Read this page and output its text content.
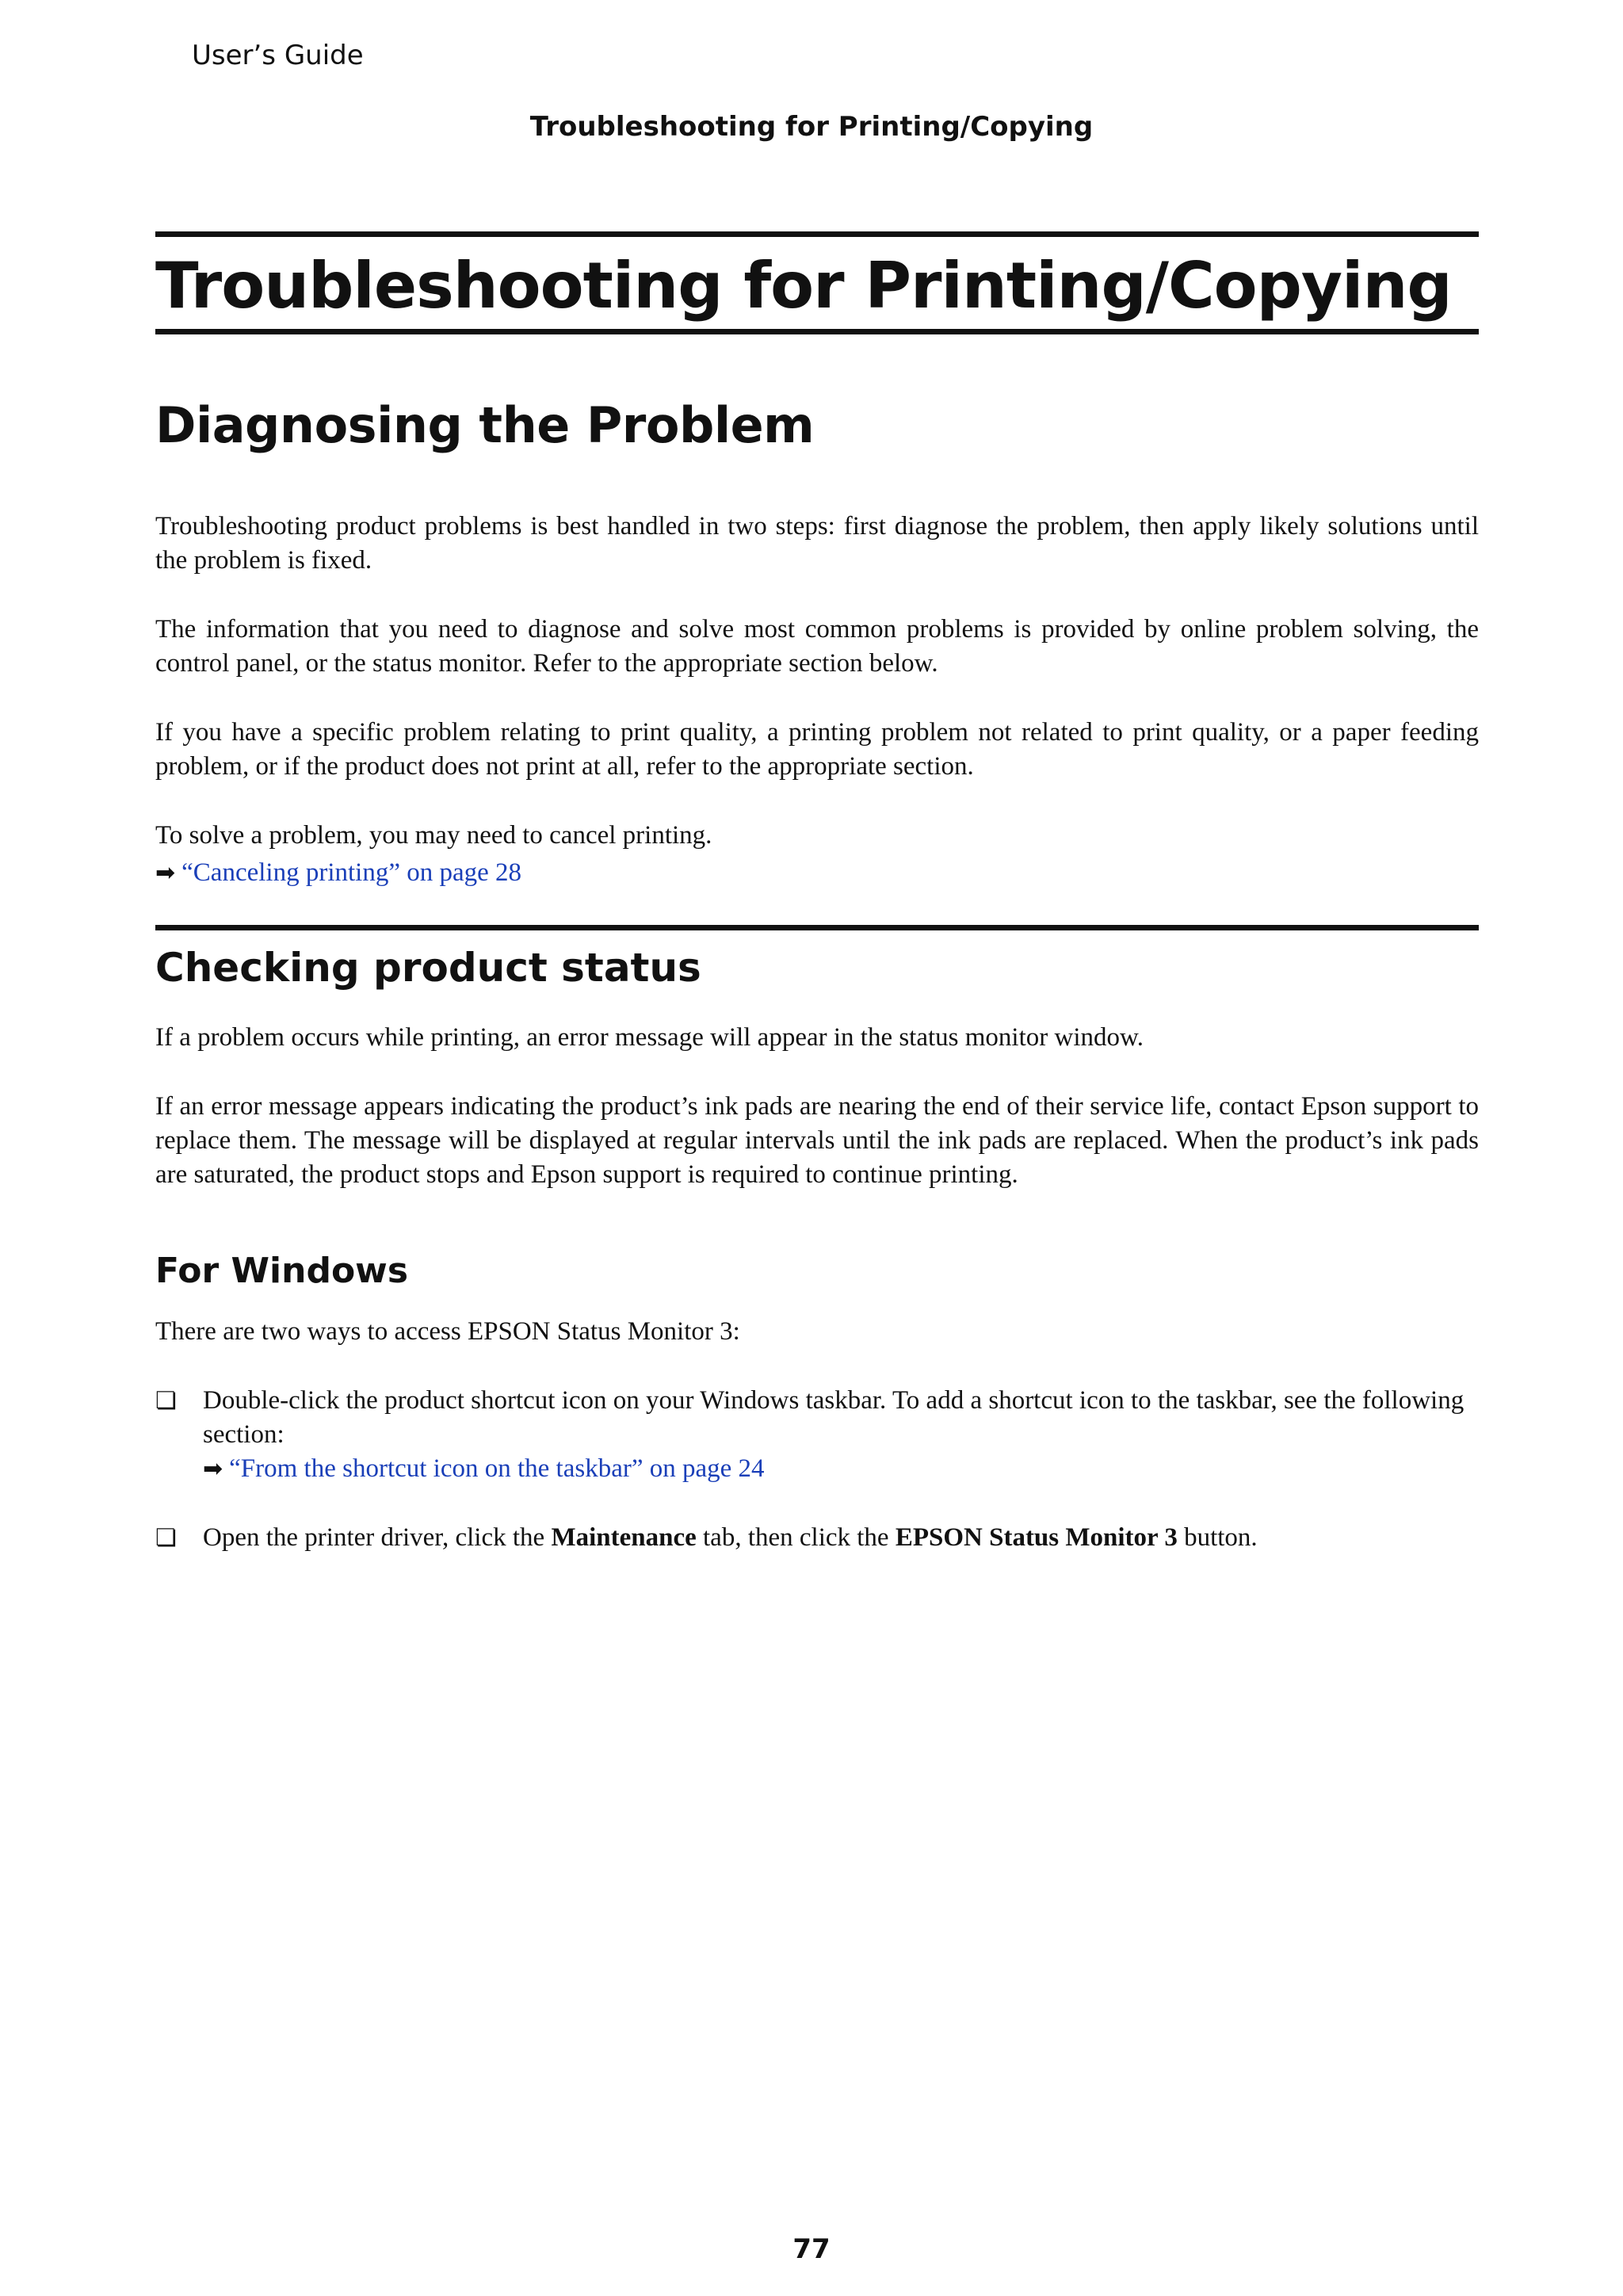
User’s Guide
Troubleshooting for Printing/Copying
Troubleshooting for Printing/Copying
Diagnosing the Problem

Troubleshooting product problems is best handled in two steps: first diagnose the problem, then apply likely solutions until the problem is fixed.

The information that you need to diagnose and solve most common problems is provided by online problem solving, the control panel, or the status monitor. Refer to the appropriate section below.

If you have a specific problem relating to print quality, a printing problem not related to print quality, or a paper feeding problem, or if the product does not print at all, refer to the appropriate section.

To solve a problem, you may need to cancel printing.

➡ “Canceling printing” on page 28

Checking product status

If a problem occurs while printing, an error message will appear in the status monitor window.

If an error message appears indicating the product’s ink pads are nearing the end of their service life, contact Epson support to replace them. The message will be displayed at regular intervals until the ink pads are replaced. When the product’s ink pads are saturated, the product stops and Epson support is required to continue printing.

For Windows

There are two ways to access EPSON Status Monitor 3:

❏	Double-click the product shortcut icon on your Windows taskbar. To add a shortcut icon to the taskbar, see the following section:
➡ “From the shortcut icon on the taskbar” on page 24
❏	Open the printer driver, click the Maintenance tab, then click the EPSON Status Monitor 3 button.
77
